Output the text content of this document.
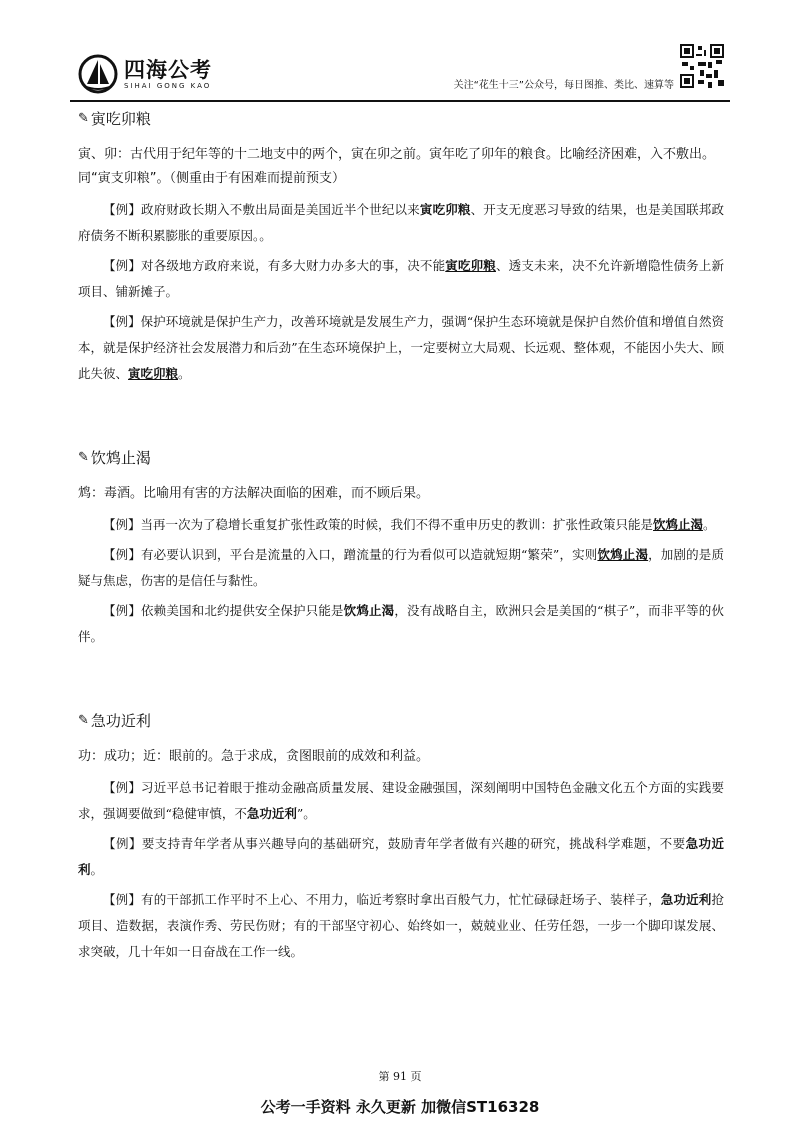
四海公考
SIHAI GONG KAO	关注“花生十三”公众号，每日图推、类比、速算等
✎ 寅吃卯粮

寅、卯：古代用于纪年等的十二地支中的两个，寅在卯之前。寅年吃了卯年的粮食。比喻经济困难，入不敷出。同“寅支卯粮”。（侧重由于有困难而提前预支）

【例】政府财政长期入不敷出局面是美国近半个世纪以来寅吃卯粮、开支无度恶习导致的结果，也是美国联邦政府债务不断积累膨胀的重要原因。。

【例】对各级地方政府来说，有多大财力办多大的事，决不能寅吃卯粮、透支未来，决不允许新增隐性债务上新项目、铺新摊子。

【例】保护环境就是保护生产力，改善环境就是发展生产力，强调“保护生态环境就是保护自然价值和增值自然资本，就是保护经济社会发展潜力和后劲”在生态环境保护上，一定要树立大局观、长远观、整体观，不能因小失大、顾此失彼、寅吃卯粮。

✎ 饮鸩止渴

鸩：毒酒。比喻用有害的方法解决面临的困难，而不顾后果。

【例】当再一次为了稳增长重复扩张性政策的时候，我们不得不重申历史的教训：扩张性政策只能是饮鸩止渴。

【例】有必要认识到，平台是流量的入口，蹭流量的行为看似可以造就短期“繁荣”，实则饮鸩止渴，加剧的是质疑与焦虑，伤害的是信任与黏性。

【例】依赖美国和北约提供安全保护只能是饮鸩止渴，没有战略自主，欧洲只会是美国的“棋子”，而非平等的伙伴。

✎ 急功近利

功：成功；近：眼前的。急于求成，贪图眼前的成效和利益。

【例】习近平总书记着眼于推动金融高质量发展、建设金融强国，深刻阐明中国特色金融文化五个方面的实践要求，强调要做到“稳健审慎，不急功近利”。

【例】要支持青年学者从事兴趣导向的基础研究，鼓励青年学者做有兴趣的研究，挑战科学难题，不要急功近利。

【例】有的干部抓工作平时不上心、不用力，临近考察时拿出百般气力，忙忙碌碌赶场子、装样子，急功近利抢项目、造数据，表演作秀、劳民伤财；有的干部坚守初心、始终如一，兢兢业业、任劳任怨，一步一个脚印谋发展、求突破，几十年如一日奋战在工作一线。

第 91 页
公考一手资料 永久更新 加微信ST16328
